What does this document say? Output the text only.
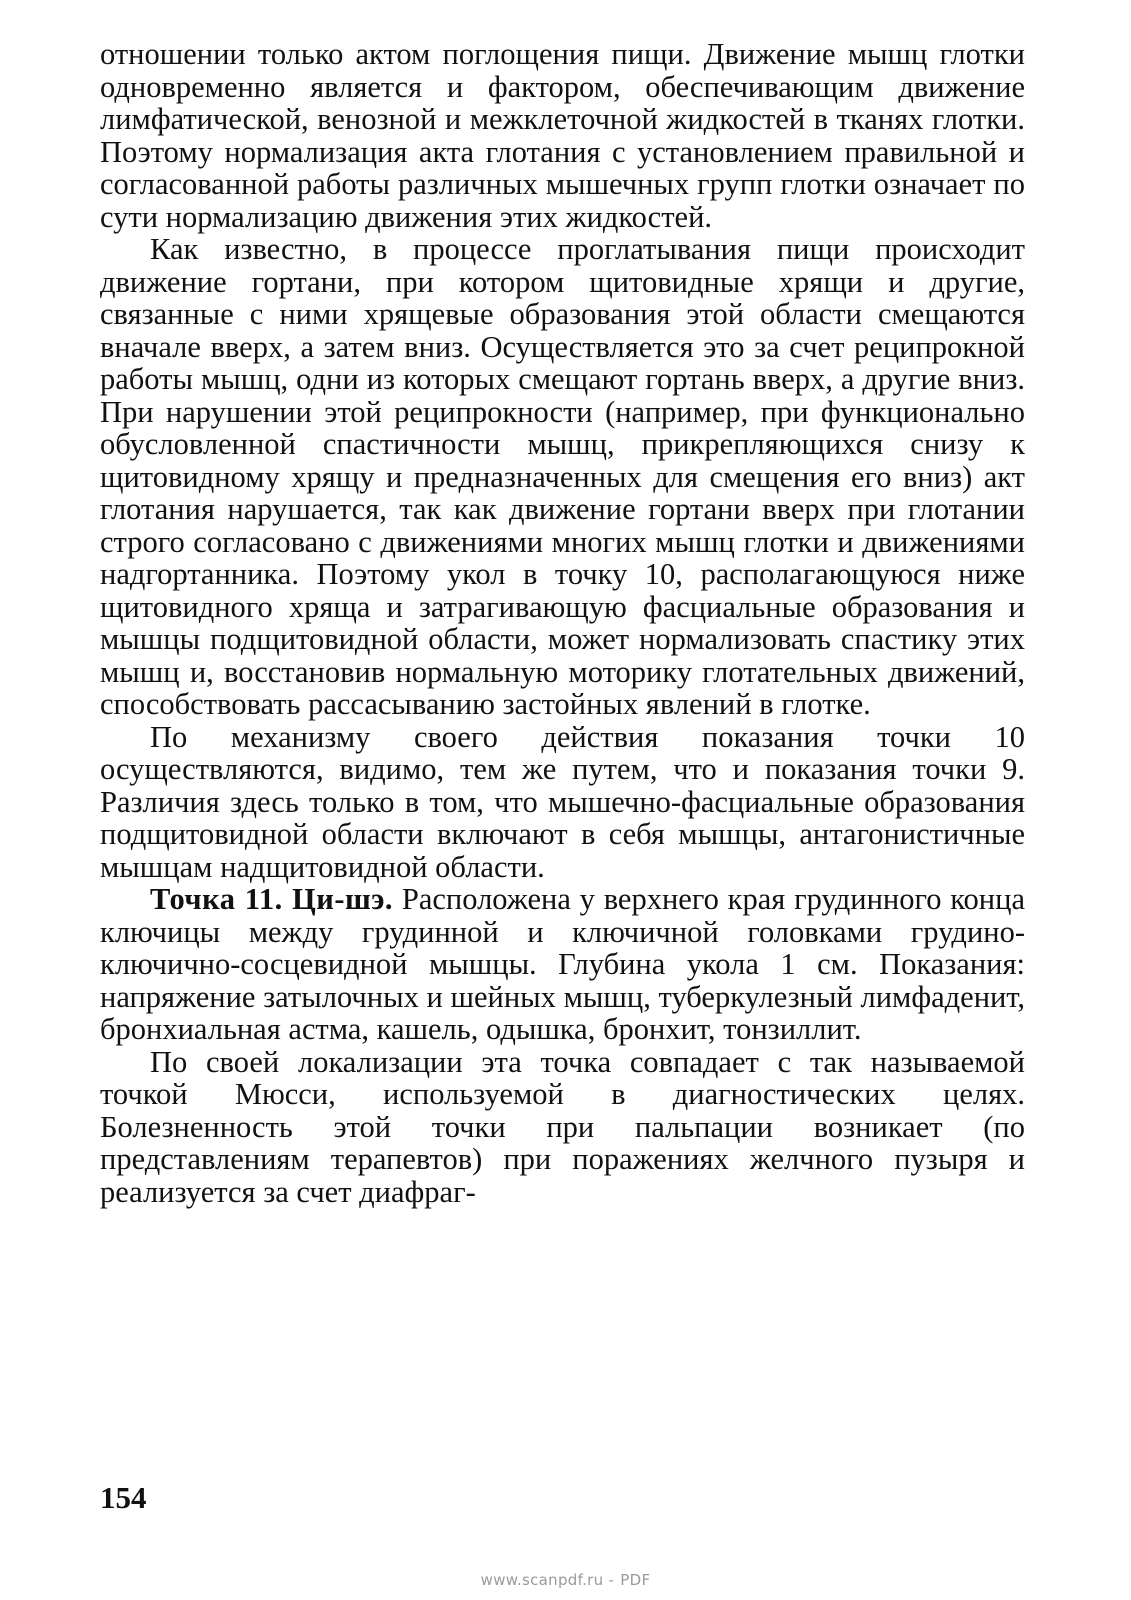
отношении только актом поглощения пищи. Движение мышц глотки одновременно является и фактором, обеспечивающим движение лимфатической, венозной и межклеточной жидкостей в тканях глотки. Поэтому нормализация акта глотания с установлением правильной и согласованной работы различных мышечных групп глотки означает по сути нормализацию движения этих жидкостей.

Как известно, в процессе проглатывания пищи происходит движение гортани, при котором щитовидные хрящи и другие, связанные с ними хрящевые образования этой области смещаются вначале вверх, а затем вниз. Осуществляется это за счет реципрокной работы мышц, одни из которых смещают гортань вверх, а другие вниз. При нарушении этой реципрокности (например, при функционально обусловленной спастичности мышц, прикрепляющихся снизу к щитовидному хрящу и предназначенных для смещения его вниз) акт глотания нарушается, так как движение гортани вверх при глотании строго согласовано с движениями многих мышц глотки и движениями надгортанника. Поэтому укол в точку 10, располагающуюся ниже щитовидного хряща и затрагивающую фасциальные образования и мышцы подщитовидной области, может нормализовать спастику этих мышц и, восстановив нормальную моторику глотательных движений, способствовать рассасыванию застойных явлений в глотке.

По механизму своего действия показания точки 10 осуществляются, видимо, тем же путем, что и показания точки 9. Различия здесь только в том, что мышечно-фасциальные образования подщитовидной области включают в себя мышцы, антагонистичные мышцам надщитовидной области.

Точка 11. Ци-шэ. Расположена у верхнего края грудинного конца ключицы между грудинной и ключичной головками грудино-ключично-сосцевидной мышцы. Глубина укола 1 см. Показания: напряжение затылочных и шейных мышц, туберкулезный лимфаденит, бронхиальная астма, кашель, одышка, бронхит, тонзиллит.

По своей локализации эта точка совпадает с так называемой точкой Мюсси, используемой в диагностических целях. Болезненность этой точки при пальпации возникает (по представлениям терапевтов) при поражениях желчного пузыря и реализуется за счет диафраг-

154
www.scanpdf.ru - PDF
